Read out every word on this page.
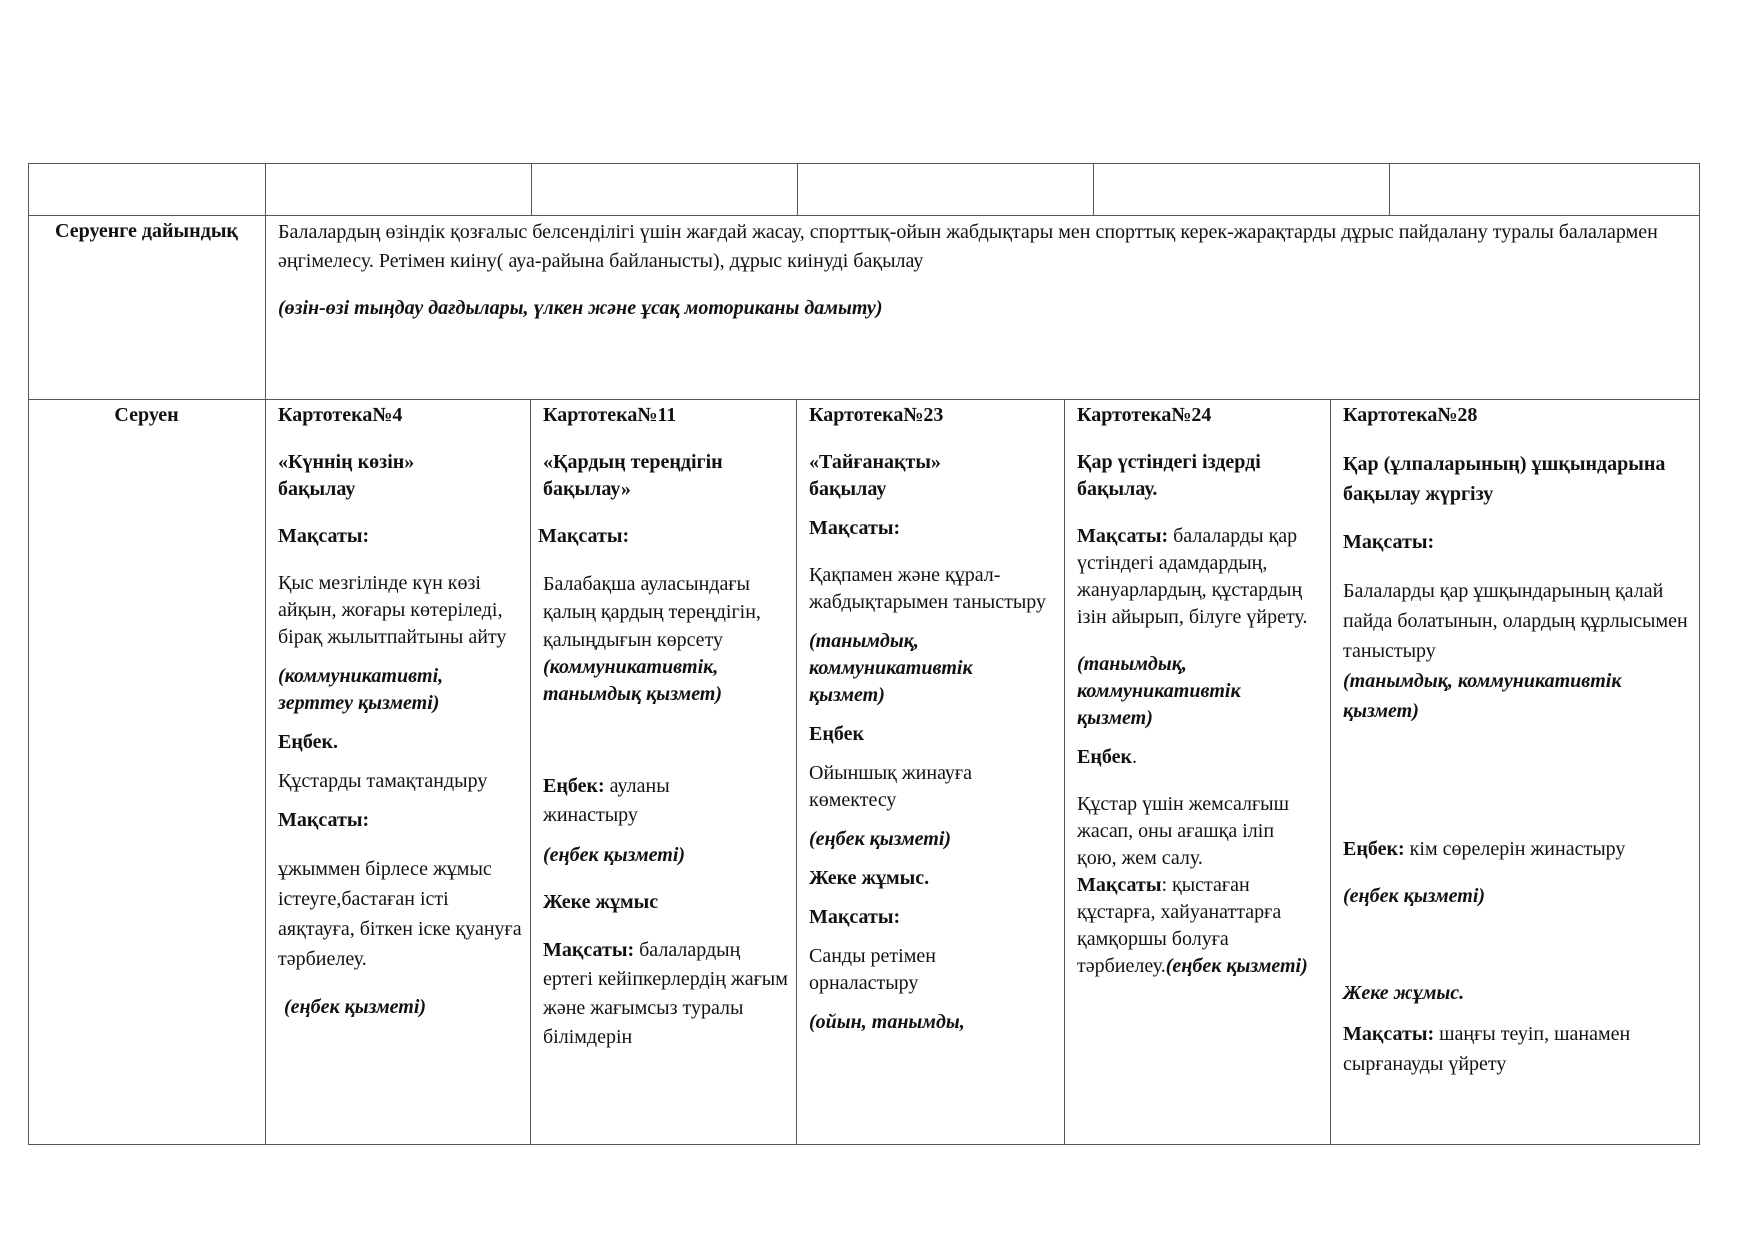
Серуенге дайындық	Балалардың өзіндік қозғалыс белсенділігі үшін жағдай жасау, спорттық-ойын жабдықтары мен спорттық керек-жарақтарды дұрыс пайдалану туралы балалармен әңгімелесу. Ретімен киіну( ауа-райына байланысты), дұрыс киінуді бақылау

(өзін-өзі тыңдау дағдылары, үлкен және ұсақ моториканы дамыту)

Серуен	Картотека№4

«Күннің көзін» бақылау

Мақсаты:

Қыс мезгілінде күн көзі айқын, жоғары көтеріледі, бірақ жылытпайтыны айту

(коммуникативті, зерттеу қызметі)

Еңбек.

Құстарды тамақтандыру

Мақсаты:

ұжыммен бірлесе жұмыс істеуге,бастаған істі аяқтауға, біткен іске қуануға тәрбиелеу.

(еңбек қызметі)

Картотека№11

«Қардың тереңдігін бақылау»

Мақсаты:

Балабақша ауласындағы қалың қардың тереңдігін, қалыңдығын көрсету

(коммуникативтік, танымдық қызмет)

Еңбек: ауланы жинастыру

(еңбек қызметі)

Жеке жұмыс

Мақсаты: балалардың ертегі кейіпкерлердің жағым және жағымсыз туралы білімдерін

Картотека№23

«Тайғанақты» бақылау

Мақсаты:

Қақпамен және құрал-жабдықтарымен таныстыру

(танымдық, коммуникативтік қызмет)

Еңбек

Ойыншық жинауға көмектесу

(еңбек қызметі)

Жеке жұмыс.

Мақсаты:

Санды ретімен орналастыру

(ойын, танымды,

Картотека№24

Қар үстіндегі іздерді бақылау.

Мақсаты: балаларды қар үстіндегі адамдардың, жануарлардың, құстардың ізін айырып, білуге үйрету.

(танымдық, коммуникативтік қызмет)

Еңбек.

Құстар үшін жемсалғыш жасап, оны ағашқа іліп қою, жем салу.

Мақсаты: қыстаған құстарға, хайуанаттарға қамқоршы болуға тәрбиелеу.(еңбек қызметі)

Картотека№28

Қар (ұлпаларының) ұшқындарына бақылау жүргізу

Мақсаты:

Балаларды қар ұшқындарының қалай пайда болатынын, олардың құрлысымен таныстыру

(танымдық, коммуникативтік қызмет)

Еңбек: кім сөрелерін жинастыру

(еңбек қызметі)

Жеке жұмыс.

Мақсаты: шаңғы теуіп, шанамен сырғанауды үйрету
